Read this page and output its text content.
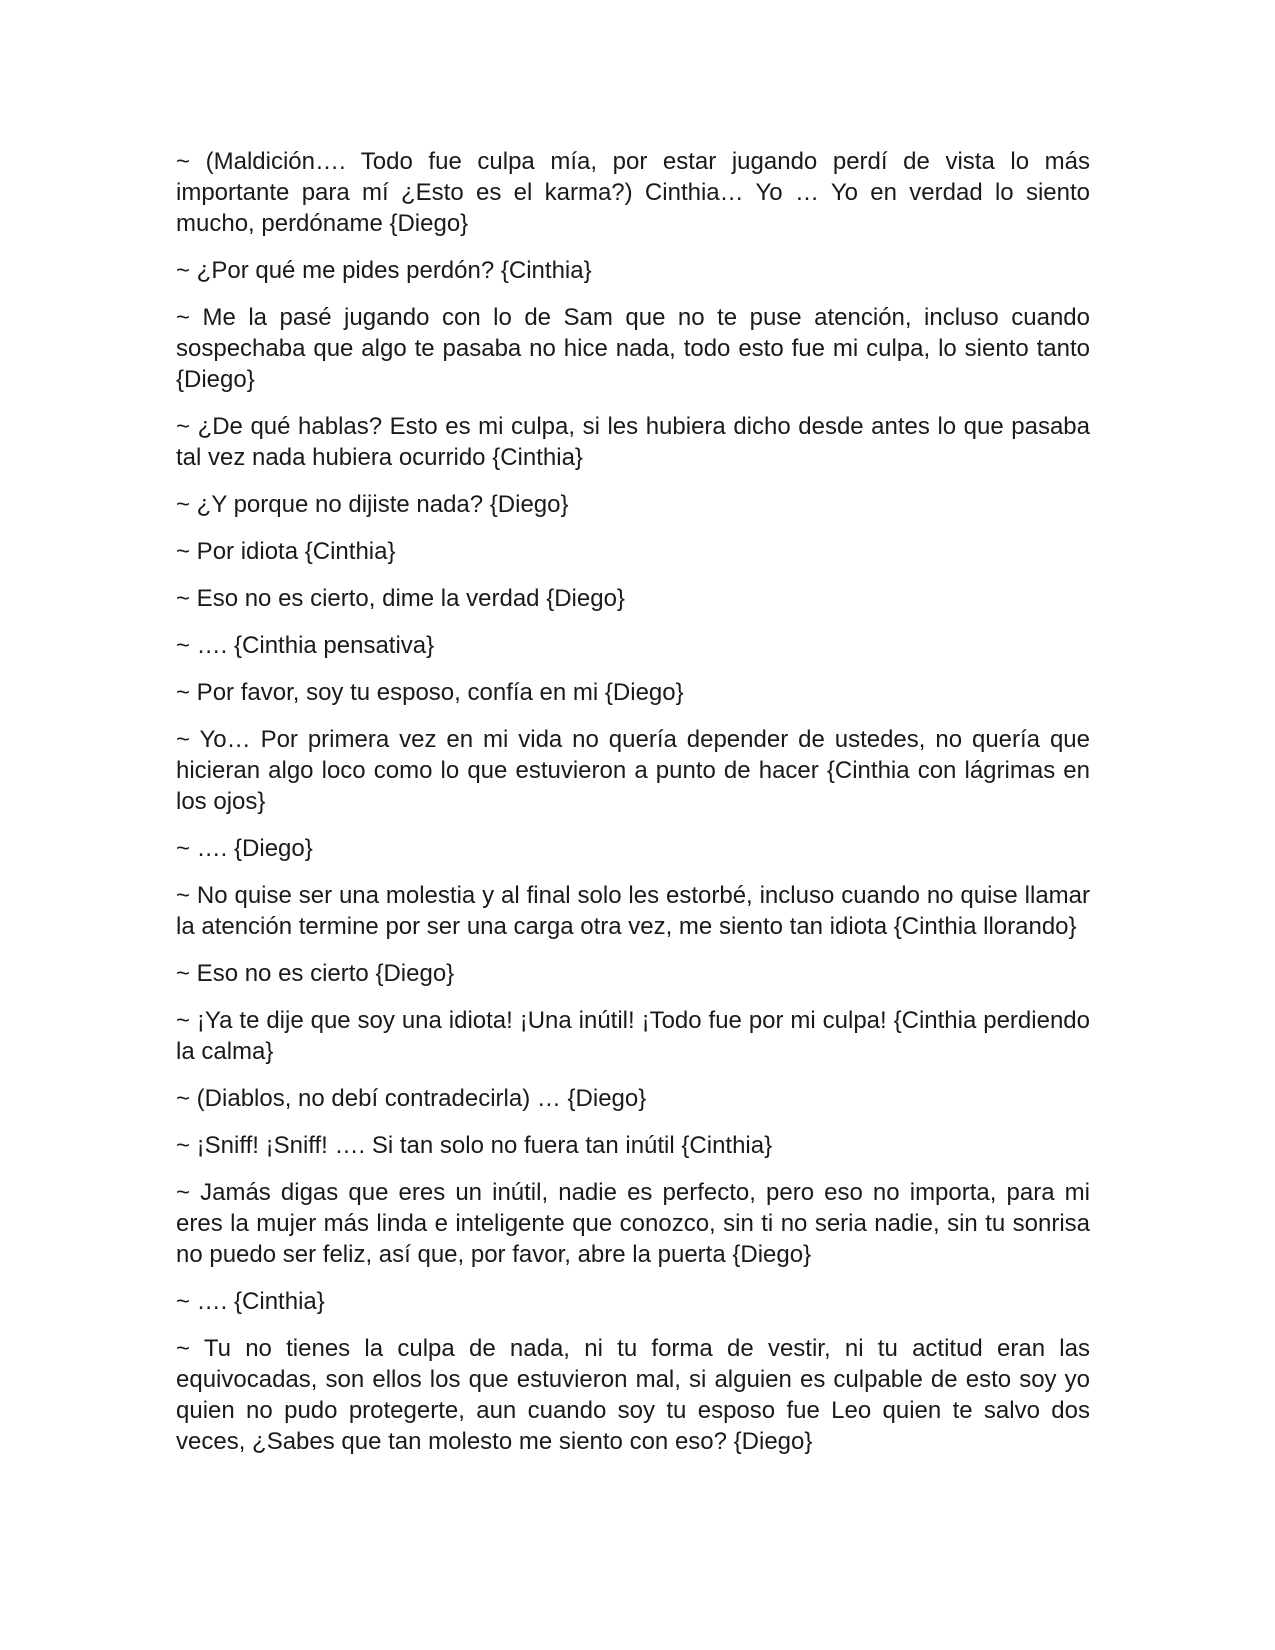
~ (Maldición…. Todo fue culpa mía, por estar jugando perdí de vista lo más importante para mí ¿Esto es el karma?) Cinthia… Yo … Yo en verdad lo siento mucho, perdóname {Diego}

~ ¿Por qué me pides perdón? {Cinthia}

~ Me la pasé jugando con lo de Sam que no te puse atención, incluso cuando sospechaba que algo te pasaba no hice nada, todo esto fue mi culpa, lo siento tanto {Diego}

~ ¿De qué hablas? Esto es mi culpa, si les hubiera dicho desde antes lo que pasaba tal vez nada hubiera ocurrido {Cinthia}

~ ¿Y porque no dijiste nada? {Diego}

~ Por idiota {Cinthia}

~ Eso no es cierto, dime la verdad {Diego}

~ …. {Cinthia pensativa}

~ Por favor, soy tu esposo, confía en mi {Diego}

~ Yo… Por primera vez en mi vida no quería depender de ustedes, no quería que hicieran algo loco como lo que estuvieron a punto de hacer {Cinthia con lágrimas en los ojos}

~ …. {Diego}

~ No quise ser una molestia y al final solo les estorbé, incluso cuando no quise llamar la atención termine por ser una carga otra vez, me siento tan idiota {Cinthia llorando}

~ Eso no es cierto {Diego}

~ ¡Ya te dije que soy una idiota! ¡Una inútil! ¡Todo fue por mi culpa! {Cinthia perdiendo la calma}

~ (Diablos, no debí contradecirla) … {Diego}

~ ¡Sniff! ¡Sniff! …. Si tan solo no fuera tan inútil {Cinthia}

~ Jamás digas que eres un inútil, nadie es perfecto, pero eso no importa, para mi eres la mujer más linda e inteligente que conozco, sin ti no seria nadie, sin tu sonrisa no puedo ser feliz, así que, por favor, abre la puerta {Diego}

~ …. {Cinthia}

~ Tu no tienes la culpa de nada, ni tu forma de vestir, ni tu actitud eran las equivocadas, son ellos los que estuvieron mal, si alguien es culpable de esto soy yo quien no pudo protegerte, aun cuando soy tu esposo fue Leo quien te salvo dos veces, ¿Sabes que tan molesto me siento con eso? {Diego}
